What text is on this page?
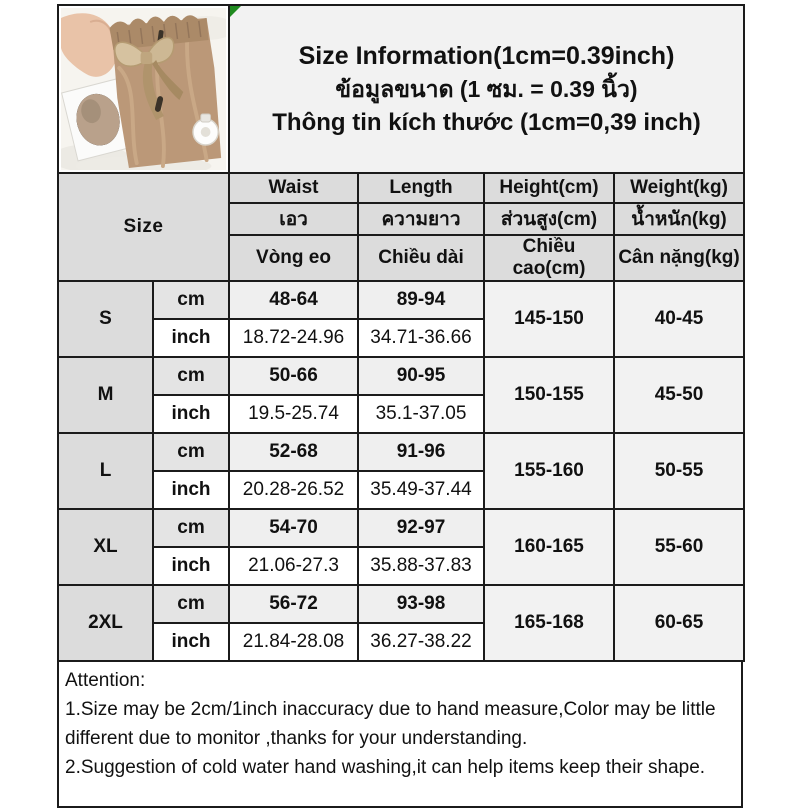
Size Information(1cm=0.39inch)
ข้อมูลขนาด (1 ซม. = 0.39 นิ้ว)
Thông tin kích thước (1cm=0,39 inch)			

Size		Waist	Length	Height(cm)	Weight(kg)
		เอว	ความยาว	ส่วนสูง(cm)	น้ำหนัก(kg)
		Vòng eo	Chiều dài	Chiều cao(cm)	Cân nặng(kg)
S	cm	48-64	89-94	145-150	40-45
	inch	18.72-24.96	34.71-36.66		
M	cm	50-66	90-95	150-155	45-50
	inch	19.5-25.74	35.1-37.05		
L	cm	52-68	91-96	155-160	50-55
	inch	20.28-26.52	35.49-37.44		
XL	cm	54-70	92-97	160-165	55-60
	inch	21.06-27.3	35.88-37.83		
2XL	cm	56-72	93-98	165-168	60-65
	inch	21.84-28.08	36.27-38.22		
Attention:
1.Size may be 2cm/1inch inaccuracy due to hand measure,Color may be little different due to monitor ,thanks for your understanding.
2.Suggestion of cold water hand washing,it can help items keep their shape.
